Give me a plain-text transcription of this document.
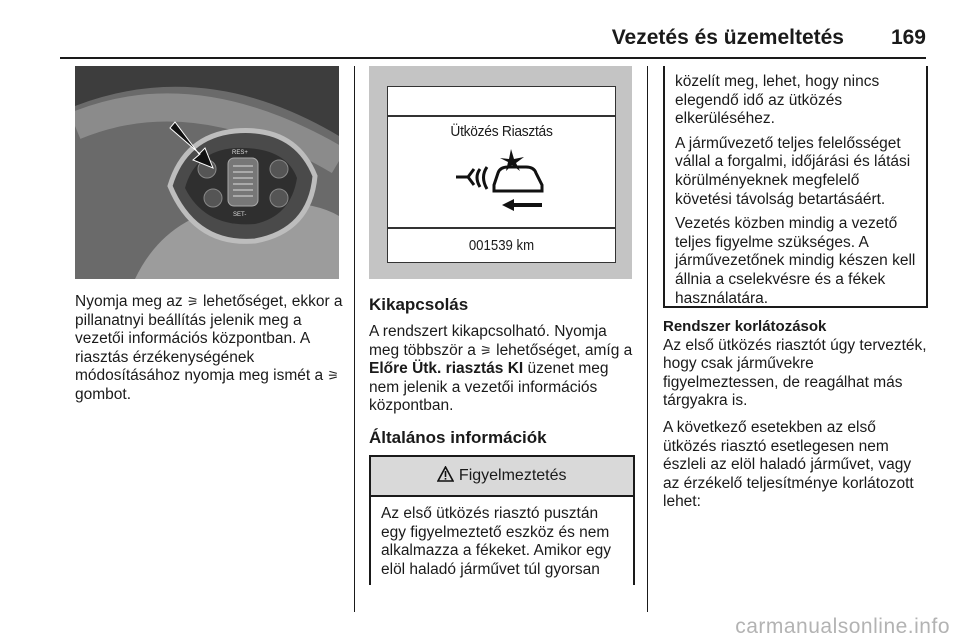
Vezetés és üzemeltetés 169
RES+
SET-
Ütközés Riasztás
001539 km

Nyomja meg az ⚞ lehetőséget, ekkor a pillanatnyi beállítás jelenik meg a vezetői információs központban. A riasztás érzékenységének módosításához nyomja meg ismét a ⚞ gombot.

Kikapcsolás

A rendszert kikapcsolható. Nyomja meg többször a ⚞ lehetőséget, amíg a Előre Ütk. riasztás KI üzenet meg nem jelenik a vezetői információs központban.

Általános információk
Figyelmeztetés
Az első ütközés riasztó pusztán egy figyelmeztető eszköz és nem alkalmazza a fékeket. Amikor egy elöl haladó járművet túl gyorsan

közelít meg, lehet, hogy nincs elegendő idő az ütközés elkerüléséhez.

A járművezető teljes felelősséget vállal a forgalmi, időjárási és látási körülményeknek megfelelő követési távolság betartásáért.

Vezetés közben mindig a vezető teljes figyelme szükséges. A járművezetőnek mindig készen kell állnia a cselekvésre és a fékek használatára.

Rendszer korlátozások

Az első ütközés riasztót úgy tervezték, hogy csak járművekre figyelmeztessen, de reagálhat más tárgyakra is.

A következő esetekben az első ütközés riasztó esetlegesen nem észleli az elöl haladó járművet, vagy az érzékelő teljesítménye korlátozott lehet:

carmanualsonline.info
